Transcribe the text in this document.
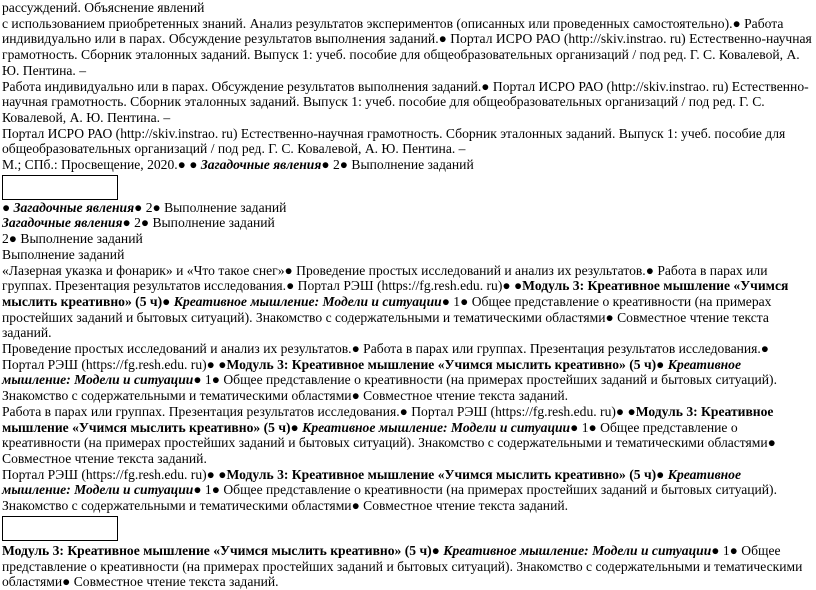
рассуждений. Объяснение явлений

с использованием приобретенных знаний. Анализ результатов экспериментов (описанных или проведенных самостоятельно).● Работа индивидуально или в парах. Обсуждение результатов выполнения заданий.● Портал ИСРО РАО (http://skiv.instrao. ru) Естественно-научная грамотность. Сборник эталонных заданий. Выпуск 1: учеб. пособие для общеобразовательных организаций / под ред. Г. С. Ковалевой, А. Ю. Пентина. –

Работа индивидуально или в парах. Обсуждение результатов выполнения заданий.● Портал ИСРО РАО (http://skiv.instrao. ru) Естественно-научная грамотность. Сборник эталонных заданий. Выпуск 1: учеб. пособие для общеобразовательных организаций / под ред. Г. С. Ковалевой, А. Ю. Пентина. –

Портал ИСРО РАО (http://skiv.instrao. ru) Естественно-научная грамотность. Сборник эталонных заданий. Выпуск 1: учеб. пособие для общеобразовательных организаций / под ред. Г. С. Ковалевой, А. Ю. Пентина. –

М.; СПб.: Просвещение, 2020.● ● Загадочные явления● 2● Выполнение заданий

● Загадочные явления● 2● Выполнение заданий

Загадочные явления● 2● Выполнение заданий

2● Выполнение заданий

Выполнение заданий

«Лазерная указка и фонарик» и «Что такое снег»● Проведение простых исследований и анализ их результатов.● Работа в парах или группах. Презентация результатов исследования.● Портал РЭШ (https://fg.resh.edu. ru)● ●Модуль 3: Креативное мышление «Учимся мыслить креативно» (5 ч)● Креативное мышление: Модели и ситуации● 1● Общее представление о креативности (на примерах простейших заданий и бытовых ситуаций). Знакомство с содержательными и тематическими областями● Совместное чтение текста заданий.

Проведение простых исследований и анализ их результатов.● Работа в парах или группах. Презентация результатов исследования.● Портал РЭШ (https://fg.resh.edu. ru)● ●Модуль 3: Креативное мышление «Учимся мыслить креативно» (5 ч)● Креативное мышление: Модели и ситуации● 1● Общее представление о креативности (на примерах простейших заданий и бытовых ситуаций). Знакомство с содержательными и тематическими областями● Совместное чтение текста заданий.

Работа в парах или группах. Презентация результатов исследования.● Портал РЭШ (https://fg.resh.edu. ru)● ●Модуль 3: Креативное мышление «Учимся мыслить креативно» (5 ч)● Креативное мышление: Модели и ситуации● 1● Общее представление о креативности (на примерах простейших заданий и бытовых ситуаций). Знакомство с содержательными и тематическими областями● Совместное чтение текста заданий.

Портал РЭШ (https://fg.resh.edu. ru)● ●Модуль 3: Креативное мышление «Учимся мыслить креативно» (5 ч)● Креативное мышление: Модели и ситуации● 1● Общее представление о креативности (на примерах простейших заданий и бытовых ситуаций). Знакомство с содержательными и тематическими областями● Совместное чтение текста заданий.

Модуль 3: Креативное мышление «Учимся мыслить креативно» (5 ч)● Креативное мышление: Модели и ситуации● 1● Общее представление о креативности (на примерах простейших заданий и бытовых ситуаций). Знакомство с содержательными и тематическими областями● Совместное чтение текста заданий.
